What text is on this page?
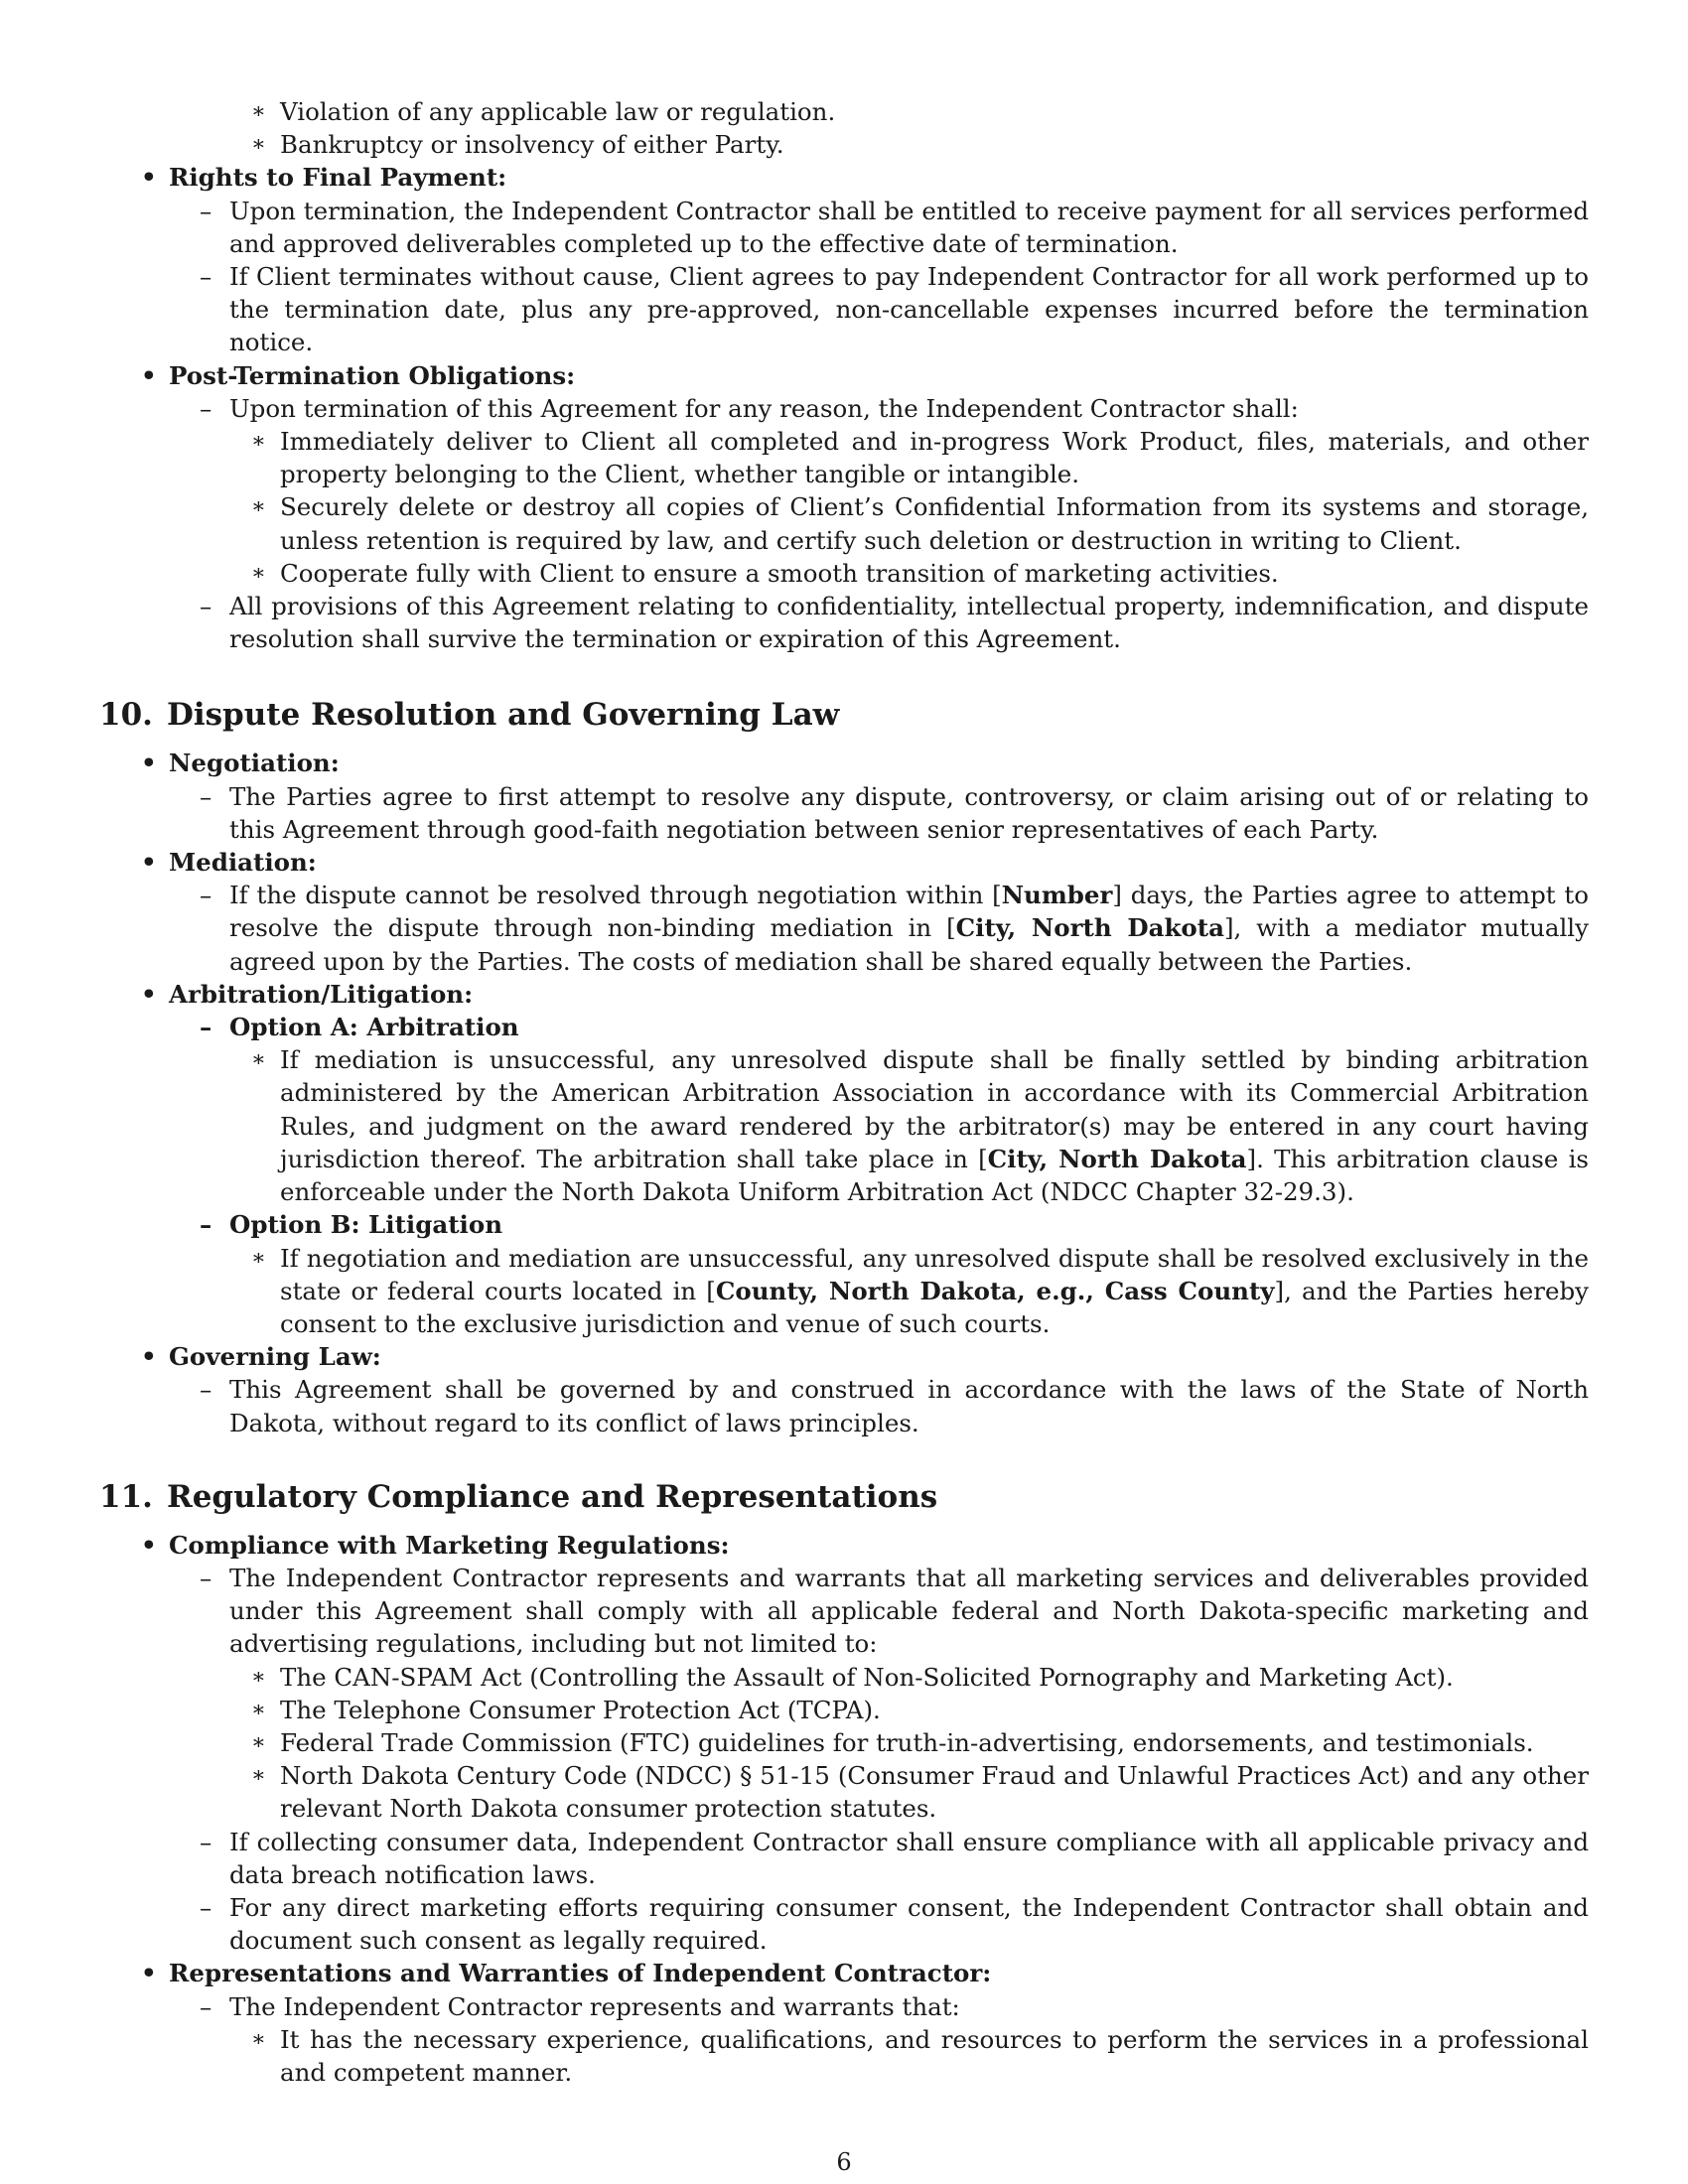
∗ Violation of any applicable law or regulation.
∗ Bankruptcy or insolvency of either Party.
• Rights to Final Payment:
– Upon termination, the Independent Contractor shall be entitled to receive payment for all services performed and approved deliverables completed up to the effective date of termination.
– If Client terminates without cause, Client agrees to pay Independent Contractor for all work performed up to the termination date, plus any pre-approved, non-cancellable expenses incurred before the termination notice.
• Post-Termination Obligations:
– Upon termination of this Agreement for any reason, the Independent Contractor shall:
∗ Immediately deliver to Client all completed and in-progress Work Product, files, materials, and other property belonging to the Client, whether tangible or intangible.
∗ Securely delete or destroy all copies of Client’s Confidential Information from its systems and storage, unless retention is required by law, and certify such deletion or destruction in writing to Client.
∗ Cooperate fully with Client to ensure a smooth transition of marketing activities.
– All provisions of this Agreement relating to confidentiality, intellectual property, indemnification, and dispute resolution shall survive the termination or expiration of this Agreement.
10. Dispute Resolution and Governing Law
• Negotiation:
– The Parties agree to first attempt to resolve any dispute, controversy, or claim arising out of or relating to this Agreement through good-faith negotiation between senior representatives of each Party.
• Mediation:
– If the dispute cannot be resolved through negotiation within [Number] days, the Parties agree to attempt to resolve the dispute through non-binding mediation in [City, North Dakota], with a mediator mutually agreed upon by the Parties. The costs of mediation shall be shared equally between the Parties.
• Arbitration/Litigation:
– Option A: Arbitration
∗ If mediation is unsuccessful, any unresolved dispute shall be finally settled by binding arbitration administered by the American Arbitration Association in accordance with its Commercial Arbitration Rules, and judgment on the award rendered by the arbitrator(s) may be entered in any court having jurisdiction thereof. The arbitration shall take place in [City, North Dakota]. This arbitration clause is enforceable under the North Dakota Uniform Arbitration Act (NDCC Chapter 32-29.3).
– Option B: Litigation
∗ If negotiation and mediation are unsuccessful, any unresolved dispute shall be resolved exclusively in the state or federal courts located in [County, North Dakota, e.g., Cass County], and the Parties hereby consent to the exclusive jurisdiction and venue of such courts.
• Governing Law:
– This Agreement shall be governed by and construed in accordance with the laws of the State of North Dakota, without regard to its conflict of laws principles.
11. Regulatory Compliance and Representations
• Compliance with Marketing Regulations:
– The Independent Contractor represents and warrants that all marketing services and deliverables provided under this Agreement shall comply with all applicable federal and North Dakota-specific marketing and advertising regulations, including but not limited to:
∗ The CAN-SPAM Act (Controlling the Assault of Non-Solicited Pornography and Marketing Act).
∗ The Telephone Consumer Protection Act (TCPA).
∗ Federal Trade Commission (FTC) guidelines for truth-in-advertising, endorsements, and testimonials.
∗ North Dakota Century Code (NDCC) § 51-15 (Consumer Fraud and Unlawful Practices Act) and any other relevant North Dakota consumer protection statutes.
– If collecting consumer data, Independent Contractor shall ensure compliance with all applicable privacy and data breach notification laws.
– For any direct marketing efforts requiring consumer consent, the Independent Contractor shall obtain and document such consent as legally required.
• Representations and Warranties of Independent Contractor:
– The Independent Contractor represents and warrants that:
∗ It has the necessary experience, qualifications, and resources to perform the services in a professional and competent manner.
6
